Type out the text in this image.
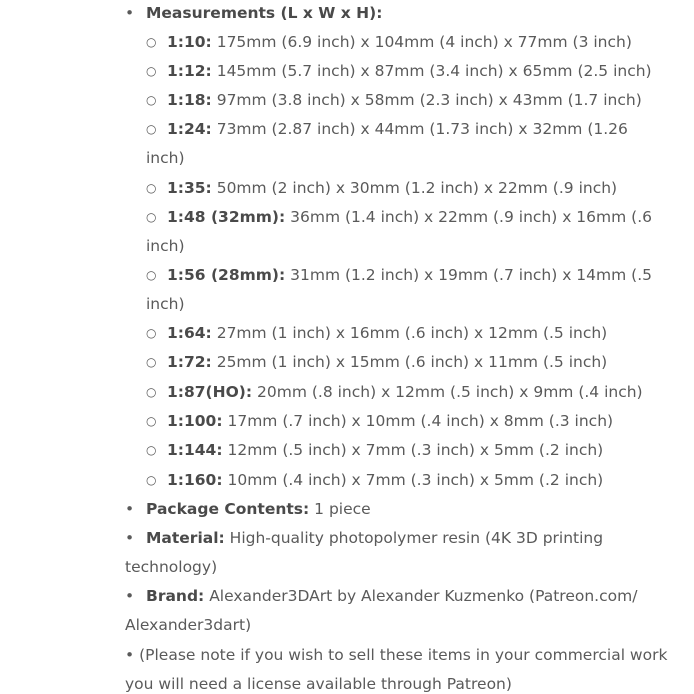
• Measurements (L x W x H):
○ 1:10: 175mm (6.9 inch) x 104mm (4 inch) x 77mm (3 inch)
○ 1:12: 145mm (5.7 inch) x 87mm (3.4 inch) x 65mm (2.5 inch)
○ 1:18: 97mm (3.8 inch) x 58mm (2.3 inch) x 43mm (1.7 inch)
○ 1:24: 73mm (2.87 inch) x 44mm (1.73 inch) x 32mm (1.26
inch)
○ 1:35: 50mm (2 inch) x 30mm (1.2 inch) x 22mm (.9 inch)
○ 1:48 (32mm): 36mm (1.4 inch) x 22mm (.9 inch) x 16mm (.6
inch)
○ 1:56 (28mm): 31mm (1.2 inch) x 19mm (.7 inch) x 14mm (.5
inch)
○ 1:64: 27mm (1 inch) x 16mm (.6 inch) x 12mm (.5 inch)
○ 1:72: 25mm (1 inch) x 15mm (.6 inch) x 11mm (.5 inch)
○ 1:87(HO): 20mm (.8 inch) x 12mm (.5 inch) x 9mm (.4 inch)
○ 1:100: 17mm (.7 inch) x 10mm (.4 inch) x 8mm (.3 inch)
○ 1:144: 12mm (.5 inch) x 7mm (.3 inch) x 5mm (.2 inch)
○ 1:160: 10mm (.4 inch) x 7mm (.3 inch) x 5mm (.2 inch)
• Package Contents: 1 piece
• Material: High-quality photopolymer resin (4K 3D printing
technology)
• Brand: Alexander3DArt by Alexander Kuzmenko (Patreon.com/
Alexander3dart)
• (Please note if you wish to sell these items in your commercial work
you will need a license available through Patreon)
